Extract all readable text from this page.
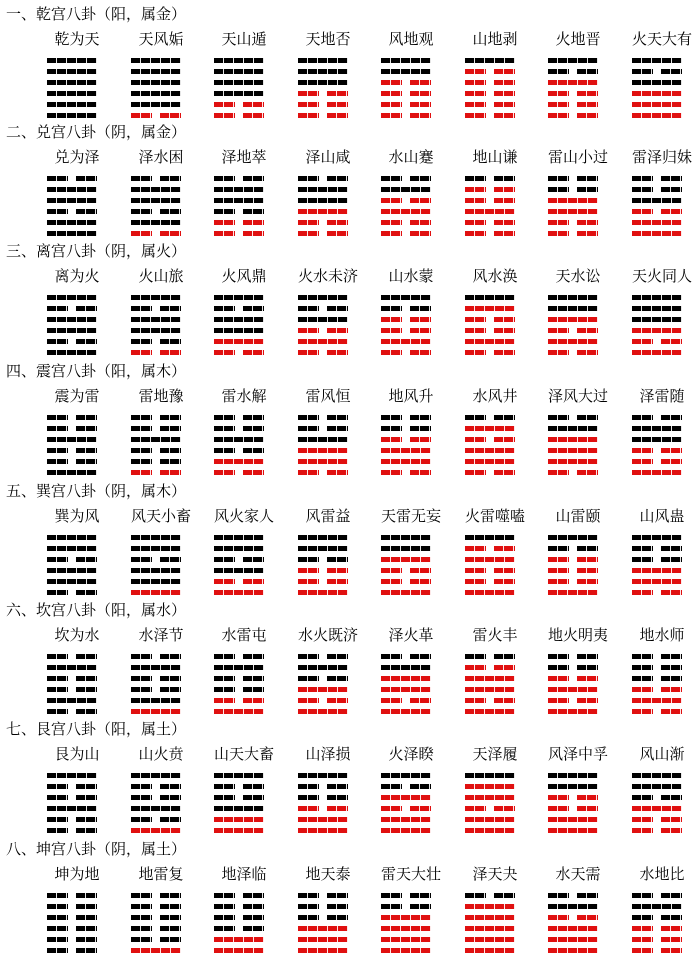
一、乾宫八卦（阳，属金）
乾为天	天风姤	天山遁	天地否	风地观	山地剥	火地晋	火天大有
二、兑宫八卦（阴，属金）
兑为泽	泽水困	泽地萃	泽山咸	水山蹇	地山谦	雷山小过	雷泽归妹
三、离宫八卦（阴，属火）
离为火	火山旅	火风鼎	火水未济	山水蒙	风水涣	天水讼	天火同人
四、震宫八卦（阳，属木）
震为雷	雷地豫	雷水解	雷风恒	地风升	水风井	泽风大过	泽雷随
五、巽宫八卦（阴，属木）
巽为风	风天小畜	风火家人	风雷益	天雷无妄	火雷噬嗑	山雷颐	山风蛊
六、坎宫八卦（阳，属水）
坎为水	水泽节	水雷屯	水火既济	泽火革	雷火丰	地火明夷	地水师
七、艮宫八卦（阳，属土）
艮为山	山火贲	山天大畜	山泽损	火泽睽	天泽履	风泽中孚	风山渐
八、坤宫八卦（阴，属土）
坤为地	地雷复	地泽临	地天泰	雷天大壮	泽天夬	水天需	水地比
